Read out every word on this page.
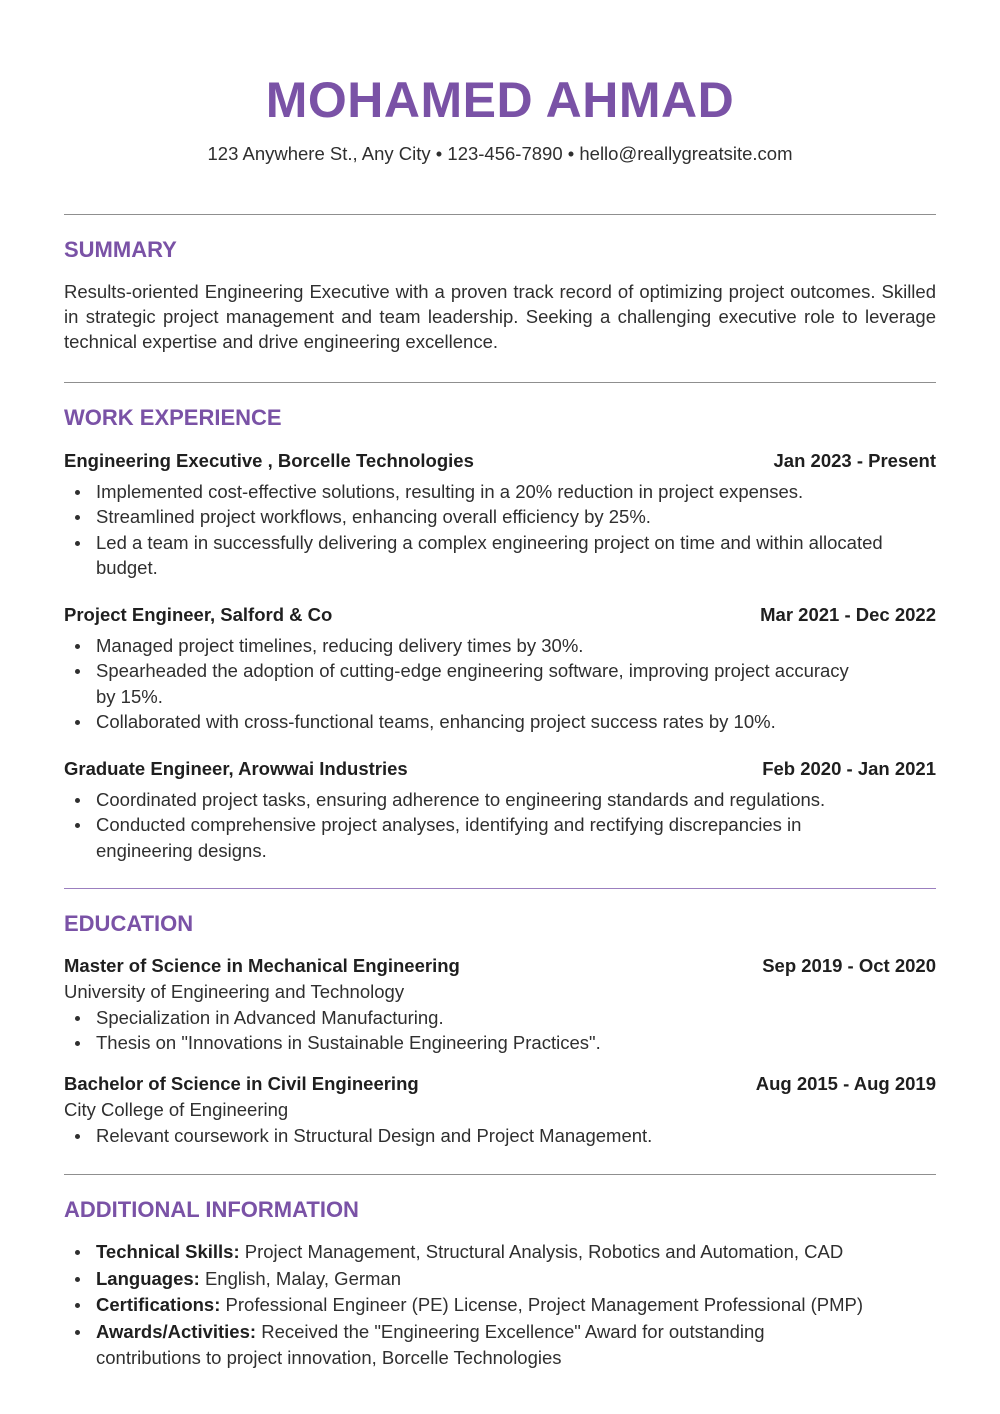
MOHAMED AHMAD
123 Anywhere St., Any City • 123-456-7890 • hello@reallygreatsite.com
SUMMARY
Results-oriented Engineering Executive with a proven track record of optimizing project outcomes. Skilled in strategic project management and team leadership. Seeking a challenging executive role to leverage technical expertise and drive engineering excellence.
WORK EXPERIENCE
Engineering Executive , Borcelle Technologies	Jan 2023 - Present
Implemented cost-effective solutions, resulting in a 20% reduction in project expenses.
Streamlined project workflows, enhancing overall efficiency by 25%.
Led a team in successfully delivering a complex engineering project on time and within allocated budget.
Project Engineer, Salford & Co	Mar 2021 - Dec 2022
Managed project timelines, reducing delivery times by 30%.
Spearheaded the adoption of cutting-edge engineering software, improving project accuracy by 15%.
Collaborated with cross-functional teams, enhancing project success rates by 10%.
Graduate Engineer, Arowwai Industries	Feb 2020 - Jan 2021
Coordinated project tasks, ensuring adherence to engineering standards and regulations.
Conducted comprehensive project analyses, identifying and rectifying discrepancies in engineering designs.
EDUCATION
Master of Science in Mechanical Engineering	Sep 2019 - Oct 2020
University of Engineering and Technology
Specialization in Advanced Manufacturing.
Thesis on "Innovations in Sustainable Engineering Practices".
Bachelor of Science in Civil Engineering	Aug 2015 - Aug 2019
City College of Engineering
Relevant coursework in Structural Design and Project Management.
ADDITIONAL INFORMATION
Technical Skills: Project Management, Structural Analysis, Robotics and Automation, CAD
Languages: English, Malay, German
Certifications: Professional Engineer (PE) License, Project Management Professional (PMP)
Awards/Activities: Received the "Engineering Excellence" Award for outstanding contributions to project innovation, Borcelle Technologies
